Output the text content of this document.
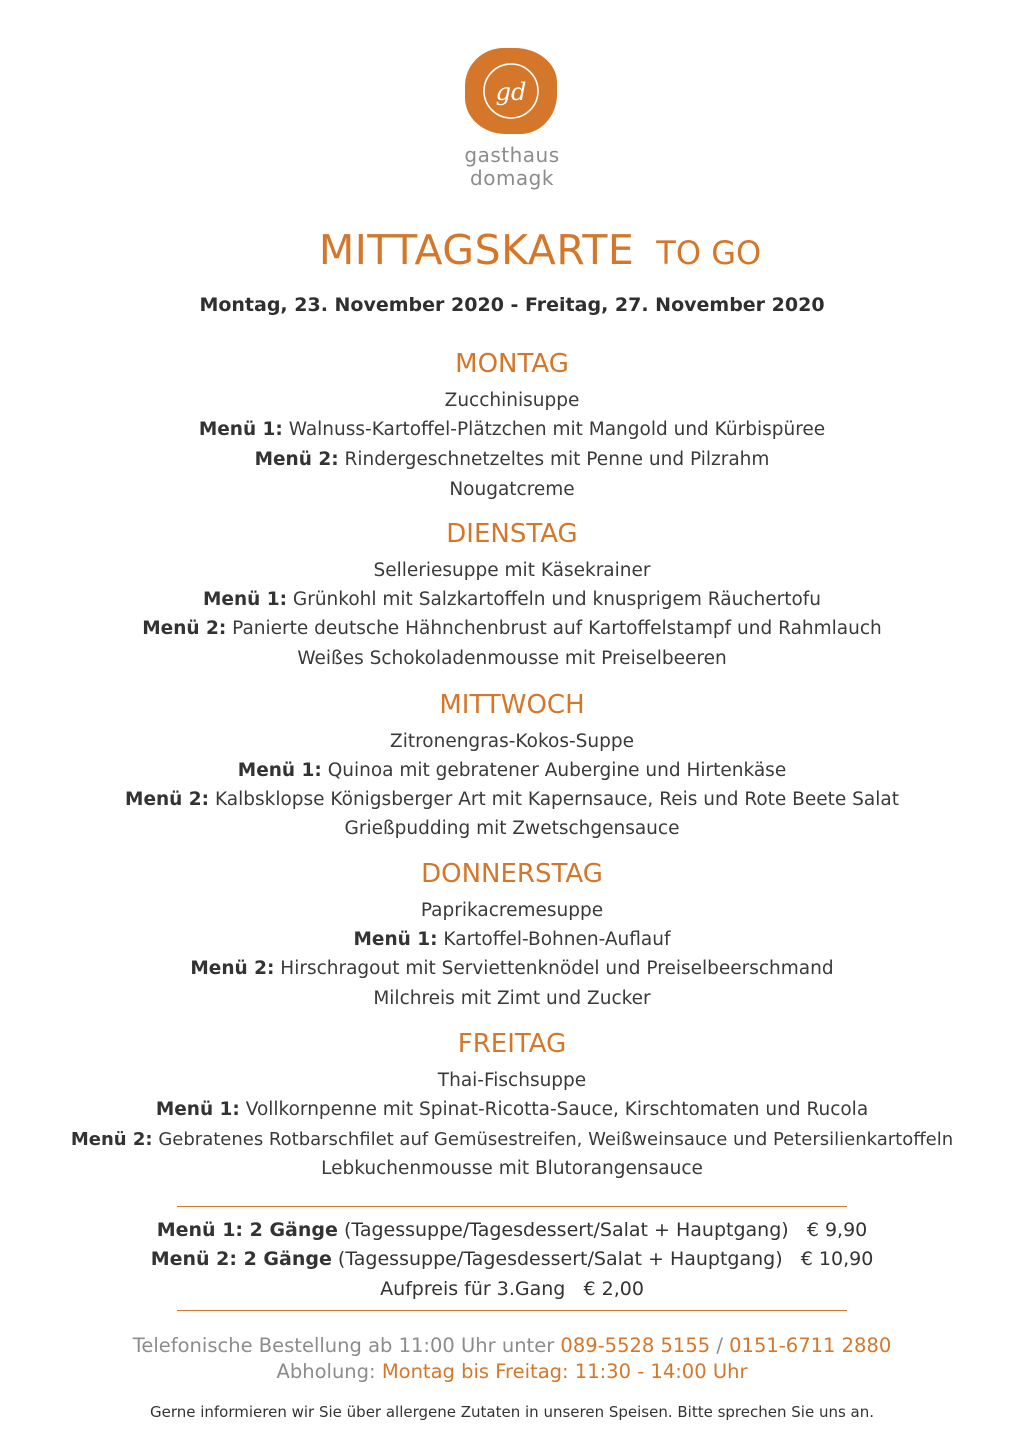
gd
gasthaus
domagk
MITTAGSKARTE TO GO
Montag, 23. November 2020 - Freitag, 27. November 2020
MONTAG
Zucchinisuppe
Menü 1: Walnuss-Kartoffel-Plätzchen mit Mangold und Kürbispüree
Menü 2: Rindergeschnetzeltes mit Penne und Pilzrahm
Nougatcreme
DIENSTAG
Selleriesuppe mit Käsekrainer
Menü 1: Grünkohl mit Salzkartoffeln und knusprigem Räuchertofu
Menü 2: Panierte deutsche Hähnchenbrust auf Kartoffelstampf und Rahmlauch
Weißes Schokoladenmousse mit Preiselbeeren
MITTWOCH
Zitronengras-Kokos-Suppe
Menü 1: Quinoa mit gebratener Aubergine und Hirtenkäse
Menü 2: Kalbsklopse Königsberger Art mit Kapernsauce, Reis und Rote Beete Salat
Grießpudding mit Zwetschgensauce
DONNERSTAG
Paprikacremesuppe
Menü 1: Kartoffel-Bohnen-Auflauf
Menü 2: Hirschragout mit Serviettenknödel und Preiselbeerschmand
Milchreis mit Zimt und Zucker
FREITAG
Thai-Fischsuppe
Menü 1: Vollkornpenne mit Spinat-Ricotta-Sauce, Kirschtomaten und Rucola
Menü 2: Gebratenes Rotbarschfilet auf Gemüsestreifen, Weißweinsauce und Petersilienkartoffeln
Lebkuchenmousse mit Blutorangensauce
Menü 1: 2 Gänge (Tagessuppe/Tagesdessert/Salat + Hauptgang) € 9,90
Menü 2: 2 Gänge (Tagessuppe/Tagesdessert/Salat + Hauptgang) € 10,90
Aufpreis für 3.Gang € 2,00
Telefonische Bestellung ab 11:00 Uhr unter 089-5528 5155 / 0151-6711 2880
Abholung: Montag bis Freitag: 11:30 - 14:00 Uhr
Gerne informieren wir Sie über allergene Zutaten in unseren Speisen. Bitte sprechen Sie uns an.
